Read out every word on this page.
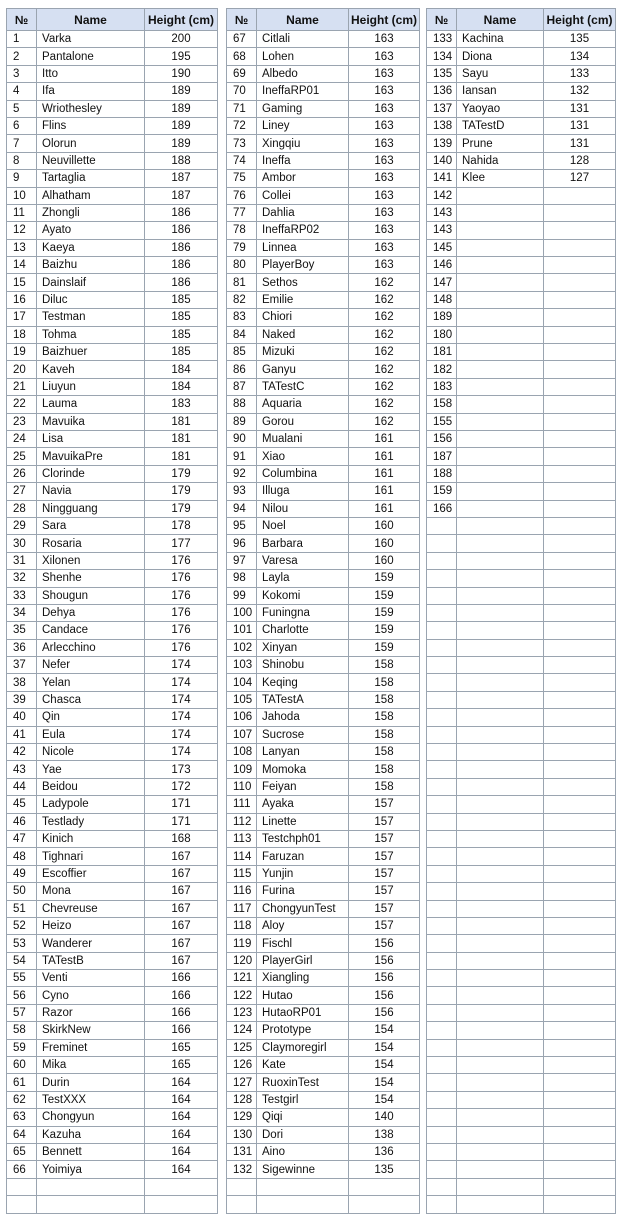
№	Name	Height (cm)
1	Varka	200
2	Pantalone	195
3	Itto	190
4	Ifa	189
5	Wriothesley	189
6	Flins	189
7	Olorun	189
8	Neuvillette	188
9	Tartaglia	187
10	Alhatham	187
11	Zhongli	186
12	Ayato	186
13	Kaeya	186
14	Baizhu	186
15	Dainslaif	186
16	Diluc	185
17	Testman	185
18	Tohma	185
19	Baizhuer	185
20	Kaveh	184
21	Liuyun	184
22	Lauma	183
23	Mavuika	181
24	Lisa	181
25	MavuikaPre	181
26	Clorinde	179
27	Navia	179
28	Ningguang	179
29	Sara	178
30	Rosaria	177
31	Xilonen	176
32	Shenhe	176
33	Shougun	176
34	Dehya	176
35	Candace	176
36	Arlecchino	176
37	Nefer	174
38	Yelan	174
39	Chasca	174
40	Qin	174
41	Eula	174
42	Nicole	174
43	Yae	173
44	Beidou	172
45	Ladypole	171
46	Testlady	171
47	Kinich	168
48	Tighnari	167
49	Escoffier	167
50	Mona	167
51	Chevreuse	167
52	Heizo	167
53	Wanderer	167
54	TATestB	167
55	Venti	166
56	Cyno	166
57	Razor	166
58	SkirkNew	166
59	Freminet	165
60	Mika	165
61	Durin	164
62	TestXXX	164
63	Chongyun	164
64	Kazuha	164
65	Bennett	164
66	Yoimiya	164

№	Name	Height (cm)
67	Citlali	163
68	Lohen	163
69	Albedo	163
70	IneffaRP01	163
71	Gaming	163
72	Liney	163
73	Xingqiu	163
74	Ineffa	163
75	Ambor	163
76	Collei	163
77	Dahlia	163
78	IneffaRP02	163
79	Linnea	163
80	PlayerBoy	163
81	Sethos	162
82	Emilie	162
83	Chiori	162
84	Naked	162
85	Mizuki	162
86	Ganyu	162
87	TATestC	162
88	Aquaria	162
89	Gorou	162
90	Mualani	161
91	Xiao	161
92	Columbina	161
93	Illuga	161
94	Nilou	161
95	Noel	160
96	Barbara	160
97	Varesa	160
98	Layla	159
99	Kokomi	159
100	Funingna	159
101	Charlotte	159
102	Xinyan	159
103	Shinobu	158
104	Keqing	158
105	TATestA	158
106	Jahoda	158
107	Sucrose	158
108	Lanyan	158
109	Momoka	158
110	Feiyan	158
111	Ayaka	157
112	Linette	157
113	Testchph01	157
114	Faruzan	157
115	Yunjin	157
116	Furina	157
117	ChongyunTest	157
118	Aloy	157
119	Fischl	156
120	PlayerGirl	156
121	Xiangling	156
122	Hutao	156
123	HutaoRP01	156
124	Prototype	154
125	Claymoregirl	154
126	Kate	154
127	RuoxinTest	154
128	Testgirl	154
129	Qiqi	140
130	Dori	138
131	Aino	136
132	Sigewinne	135

№	Name	Height (cm)
133	Kachina	135
134	Diona	134
135	Sayu	133
136	Iansan	132
137	Yaoyao	131
138	TATestD	131
139	Prune	131
140	Nahida	128
141	Klee	127
142		
143		
143		
145		
146		
147		
148		
189		
180		
181		
182		
183		
158		
155		
156		
187		
188		
159		
166		
